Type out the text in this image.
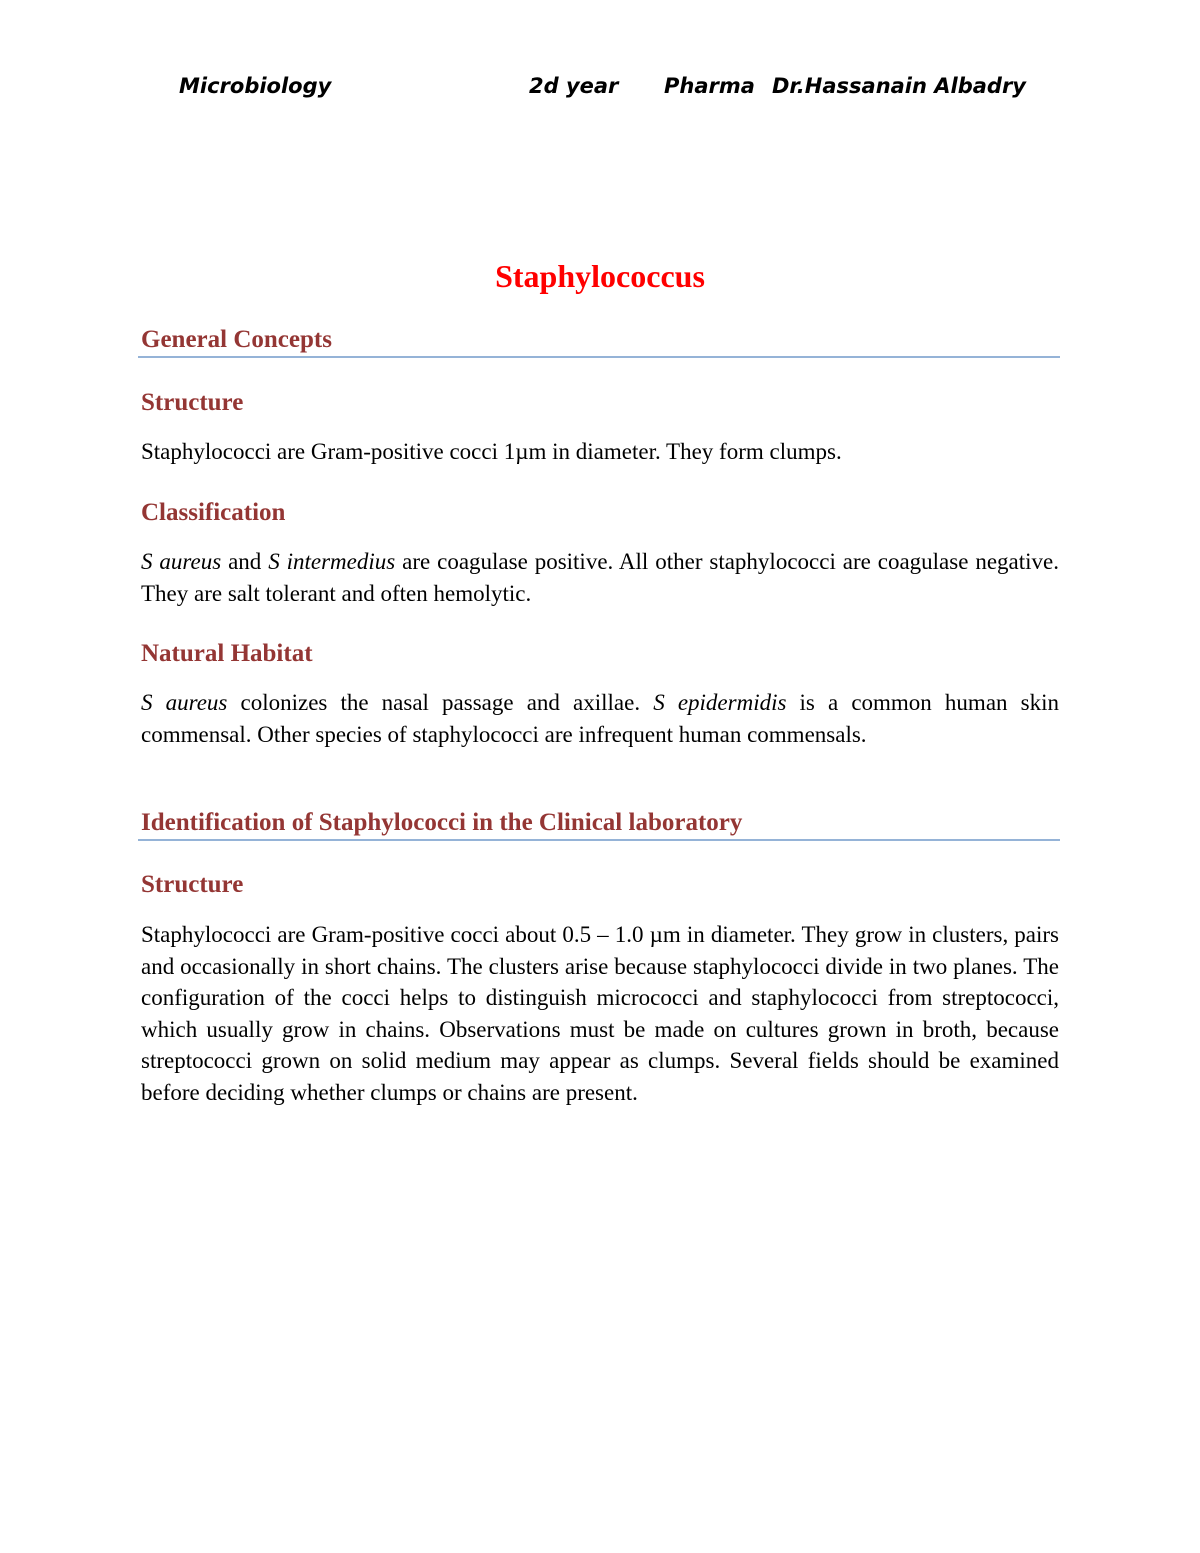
Microbiology	2d year Pharma Dr.Hassanain Albadry
Staphylococcus
General Concepts
Structure
Staphylococci are Gram-positive cocci 1µm in diameter. They form clumps.
Classification
S aureus and S intermedius are coagulase positive. All other staphylococci are coagulase negative. They are salt tolerant and often hemolytic.
Natural Habitat
S aureus colonizes the nasal passage and axillae. S epidermidis is a common human skin commensal. Other species of staphylococci are infrequent human commensals.
Identification of Staphylococci in the Clinical laboratory
Structure
Staphylococci are Gram-positive cocci about 0.5 – 1.0 µm in diameter. They grow in clusters, pairs and occasionally in short chains. The clusters arise because staphylococci divide in two planes. The configuration of the cocci helps to distinguish micrococci and staphylococci from streptococci, which usually grow in chains. Observations must be made on cultures grown in broth, because streptococci grown on solid medium may appear as clumps. Several fields should be examined before deciding whether clumps or chains are present.
